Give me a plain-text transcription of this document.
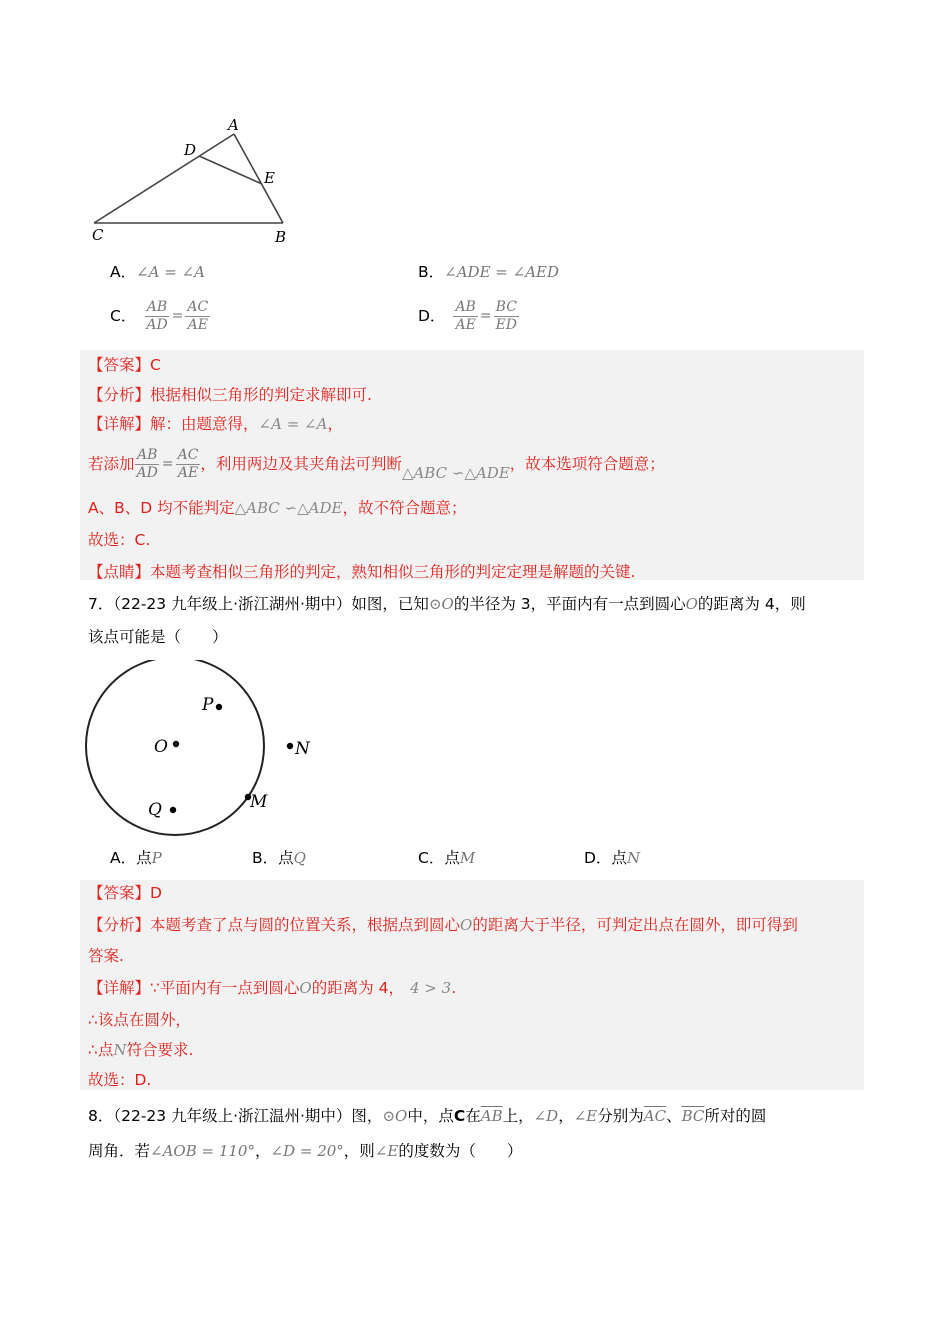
A
D
E
C	B
A．∠A = ∠A	B．∠ADE = ∠AED
C． $\frac{AB}{AD} = \frac{AC}{AE}$	D． $\frac{AB}{AE} = \frac{BC}{ED}$
【答案】C
【分析】根据相似三角形的判定求解即可.
【详解】解：由题意得，∠A = ∠A，
若添加 $\frac{AB}{AD} = \frac{AC}{AE}$ ，利用两边及其夹角法可判断 △ABC ∽△ADE ，故本选项符合题意；
A、B、D 均不能判定△ABC ∽△ADE，故不符合题意；
故选：C.
【点睛】本题考查相似三角形的判定，熟知相似三角形的判定定理是解题的关键.
7．（22-23 九年级上·浙江湖州·期中）如图，已知⊙O的半径为 3，平面内有一点到圆心O的距离为 4，则
该点可能是（　　）
P
O	N
Q	M
A．点P	B．点Q	C．点M	D．点N
【答案】D
【分析】本题考查了点与圆的位置关系，根据点到圆心O的距离大于半径，可判定出点在圆外，即可得到
答案.
【详解】∵平面内有一点到圆心O的距离为 4， 4 > 3.
∴该点在圆外，
∴点N符合要求.
故选：D.
8．（22-23 九年级上·浙江温州·期中）图，⊙O中，点C在$\overline{AB}$上，∠D，∠E分别为$\overline{AC}$、$\overline{BC}$所对的圆
周角．若∠AOB = 110°，∠D = 20°，则∠E的度数为（　　）
